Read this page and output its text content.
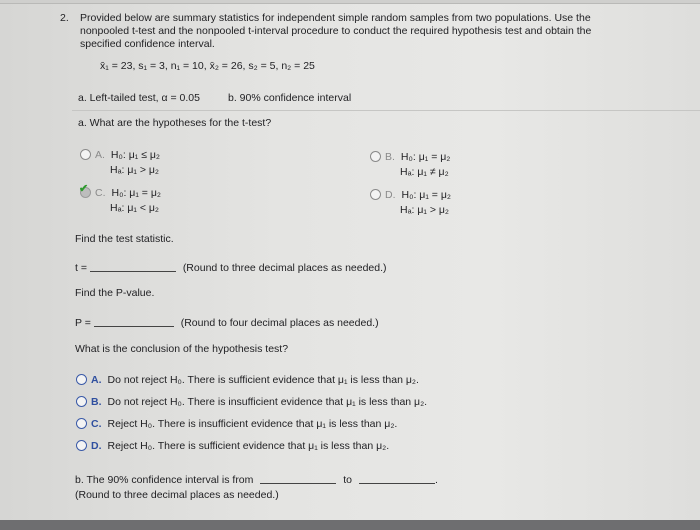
2. Provided below are summary statistics for independent simple random samples from two populations. Use the
nonpooled t-test and the nonpooled t-interval procedure to conduct the required hypothesis test and obtain the
specified confidence interval.
x̄₁ = 23, s₁ = 3, n₁ = 10, x̄₂ = 26, s₂ = 5, n₂ = 25
a. Left-tailed test, α = 0.05	b. 90% confidence interval
a. What are the hypotheses for the t-test?
A. H₀: μ₁ ≤ μ₂
Hₐ: μ₁ > μ₂
✔ C. H₀: μ₁ = μ₂
Hₐ: μ₁ < μ₂
B. H₀: μ₁ = μ₂
Hₐ: μ₁ ≠ μ₂
D. H₀: μ₁ = μ₂
Hₐ: μ₁ > μ₂
Find the test statistic.
t =	(Round to three decimal places as needed.)
Find the P-value.
P =	(Round to four decimal places as needed.)
What is the conclusion of the hypothesis test?
A. Do not reject H₀. There is sufficient evidence that μ₁ is less than μ₂.
B. Do not reject H₀. There is insufficient evidence that μ₁ is less than μ₂.
C. Reject H₀. There is insufficient evidence that μ₁ is less than μ₂.
D. Reject H₀. There is sufficient evidence that μ₁ is less than μ₂.
b. The 90% confidence interval is from	to	.
(Round to three decimal places as needed.)
